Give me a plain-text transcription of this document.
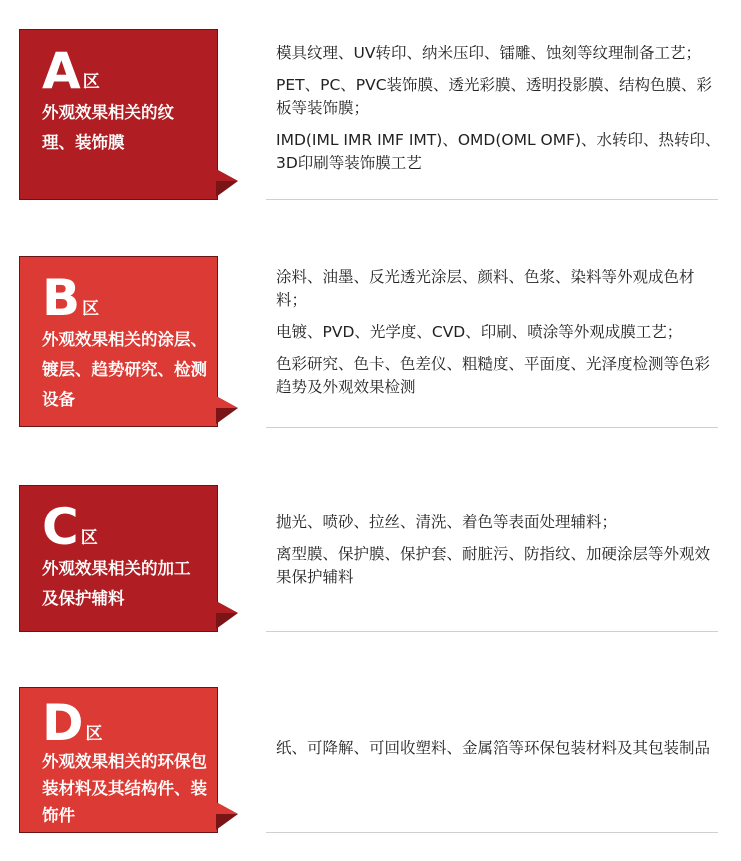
A 区
外观效果相关的纹理、装饰膜

模具纹理、UV转印、纳米压印、镭雕、蚀刻等纹理制备工艺；

PET、PC、PVC装饰膜、透光彩膜、透明投影膜、结构色膜、彩板等装饰膜；

IMD(IML IMR IMF IMT)、OMD(OML OMF)、水转印、热转印、3D印刷等装饰膜工艺

B 区
外观效果相关的涂层、镀层、趋势研究、检测设备

涂料、油墨、反光透光涂层、颜料、色浆、染料等外观成色材料；

电镀、PVD、光学度、CVD、印刷、喷涂等外观成膜工艺；

色彩研究、色卡、色差仪、粗糙度、平面度、光泽度检测等色彩趋势及外观效果检测

C 区
外观效果相关的加工及保护辅料

抛光、喷砂、拉丝、清洗、着色等表面处理辅料；

离型膜、保护膜、保护套、耐脏污、防指纹、加硬涂层等外观效果保护辅料

D 区
外观效果相关的环保包装材料及其结构件、装饰件

纸、可降解、可回收塑料、金属箔等环保包装材料及其包装制品
